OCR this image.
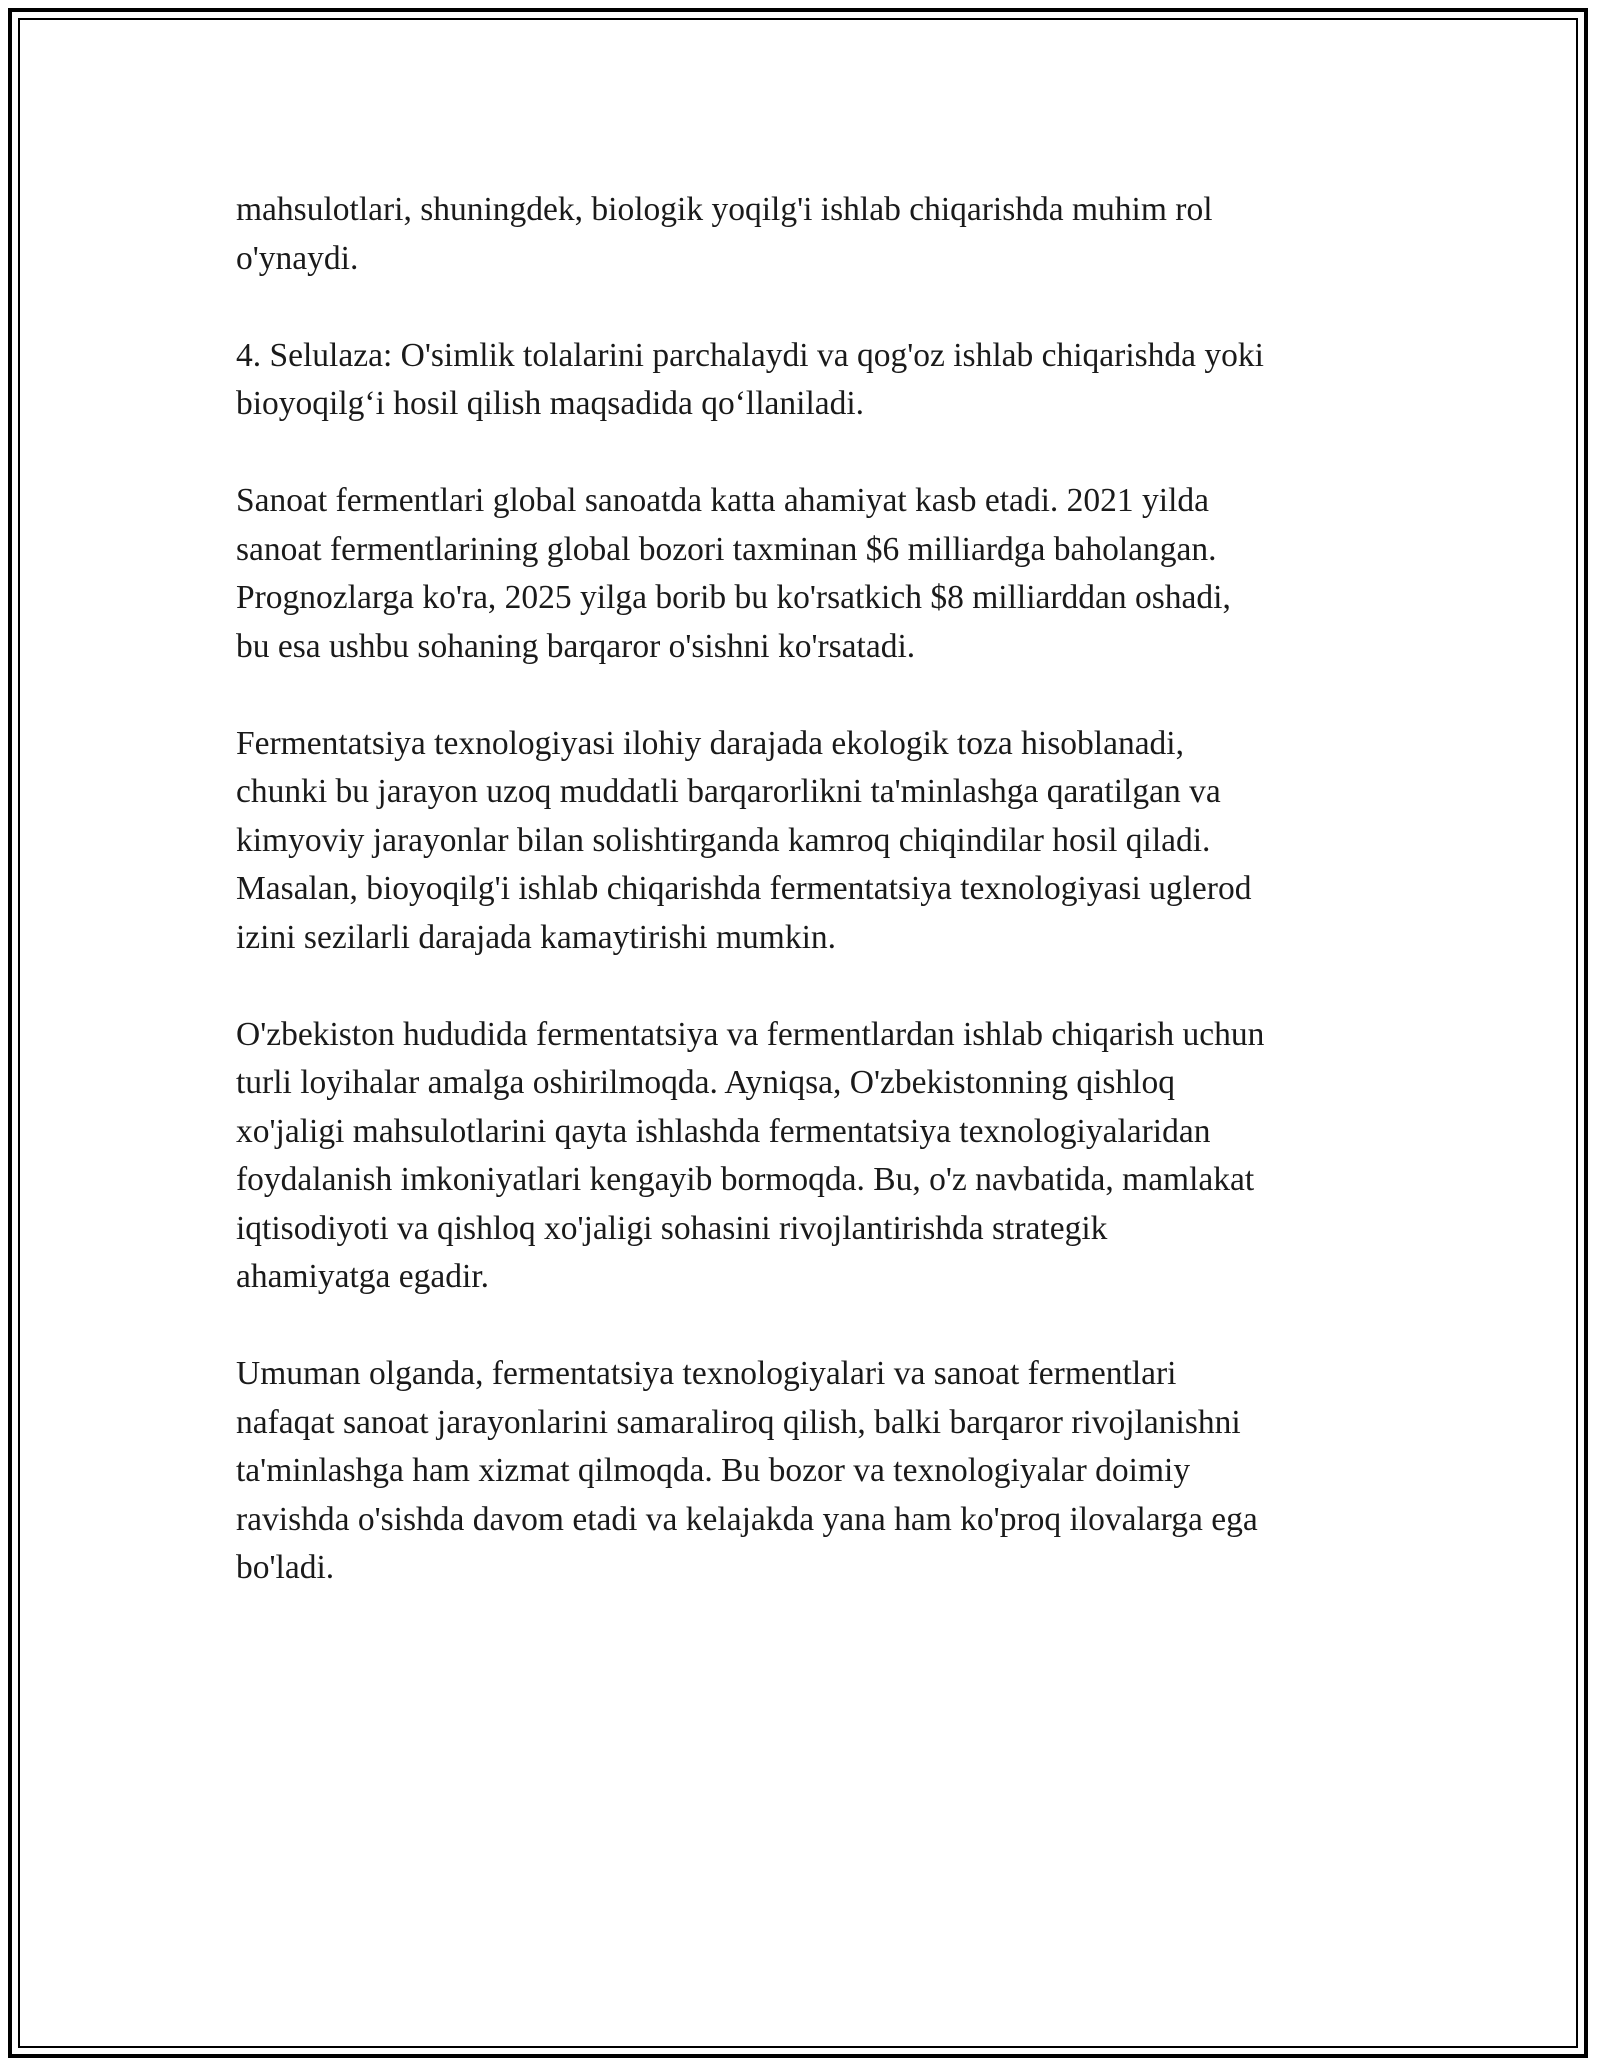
mahsulotlari, shuningdek, biologik yoqilg'i ishlab chiqarishda muhim rol
o'ynaydi.

4. Selulaza: O'simlik tolalarini parchalaydi va qog'oz ishlab chiqarishda yoki
bioyoqilg‘i hosil qilish maqsadida qo‘llaniladi.

Sanoat fermentlari global sanoatda katta ahamiyat kasb etadi. 2021 yilda
sanoat fermentlarining global bozori taxminan $6 milliardga baholangan.
Prognozlarga ko'ra, 2025 yilga borib bu ko'rsatkich $8 milliarddan oshadi,
bu esa ushbu sohaning barqaror o'sishni ko'rsatadi.

Fermentatsiya texnologiyasi ilohiy darajada ekologik toza hisoblanadi,
chunki bu jarayon uzoq muddatli barqarorlikni ta'minlashga qaratilgan va
kimyoviy jarayonlar bilan solishtirganda kamroq chiqindilar hosil qiladi.
Masalan, bioyoqilg'i ishlab chiqarishda fermentatsiya texnologiyasi uglerod
izini sezilarli darajada kamaytirishi mumkin.

O'zbekiston hududida fermentatsiya va fermentlardan ishlab chiqarish uchun
turli loyihalar amalga oshirilmoqda. Ayniqsa, O'zbekistonning qishloq
xo'jaligi mahsulotlarini qayta ishlashda fermentatsiya texnologiyalaridan
foydalanish imkoniyatlari kengayib bormoqda. Bu, o'z navbatida, mamlakat
iqtisodiyoti va qishloq xo'jaligi sohasini rivojlantirishda strategik
ahamiyatga egadir.

Umuman olganda, fermentatsiya texnologiyalari va sanoat fermentlari
nafaqat sanoat jarayonlarini samaraliroq qilish, balki barqaror rivojlanishni
ta'minlashga ham xizmat qilmoqda. Bu bozor va texnologiyalar doimiy
ravishda o'sishda davom etadi va kelajakda yana ham ko'proq ilovalarga ega
bo'ladi.
